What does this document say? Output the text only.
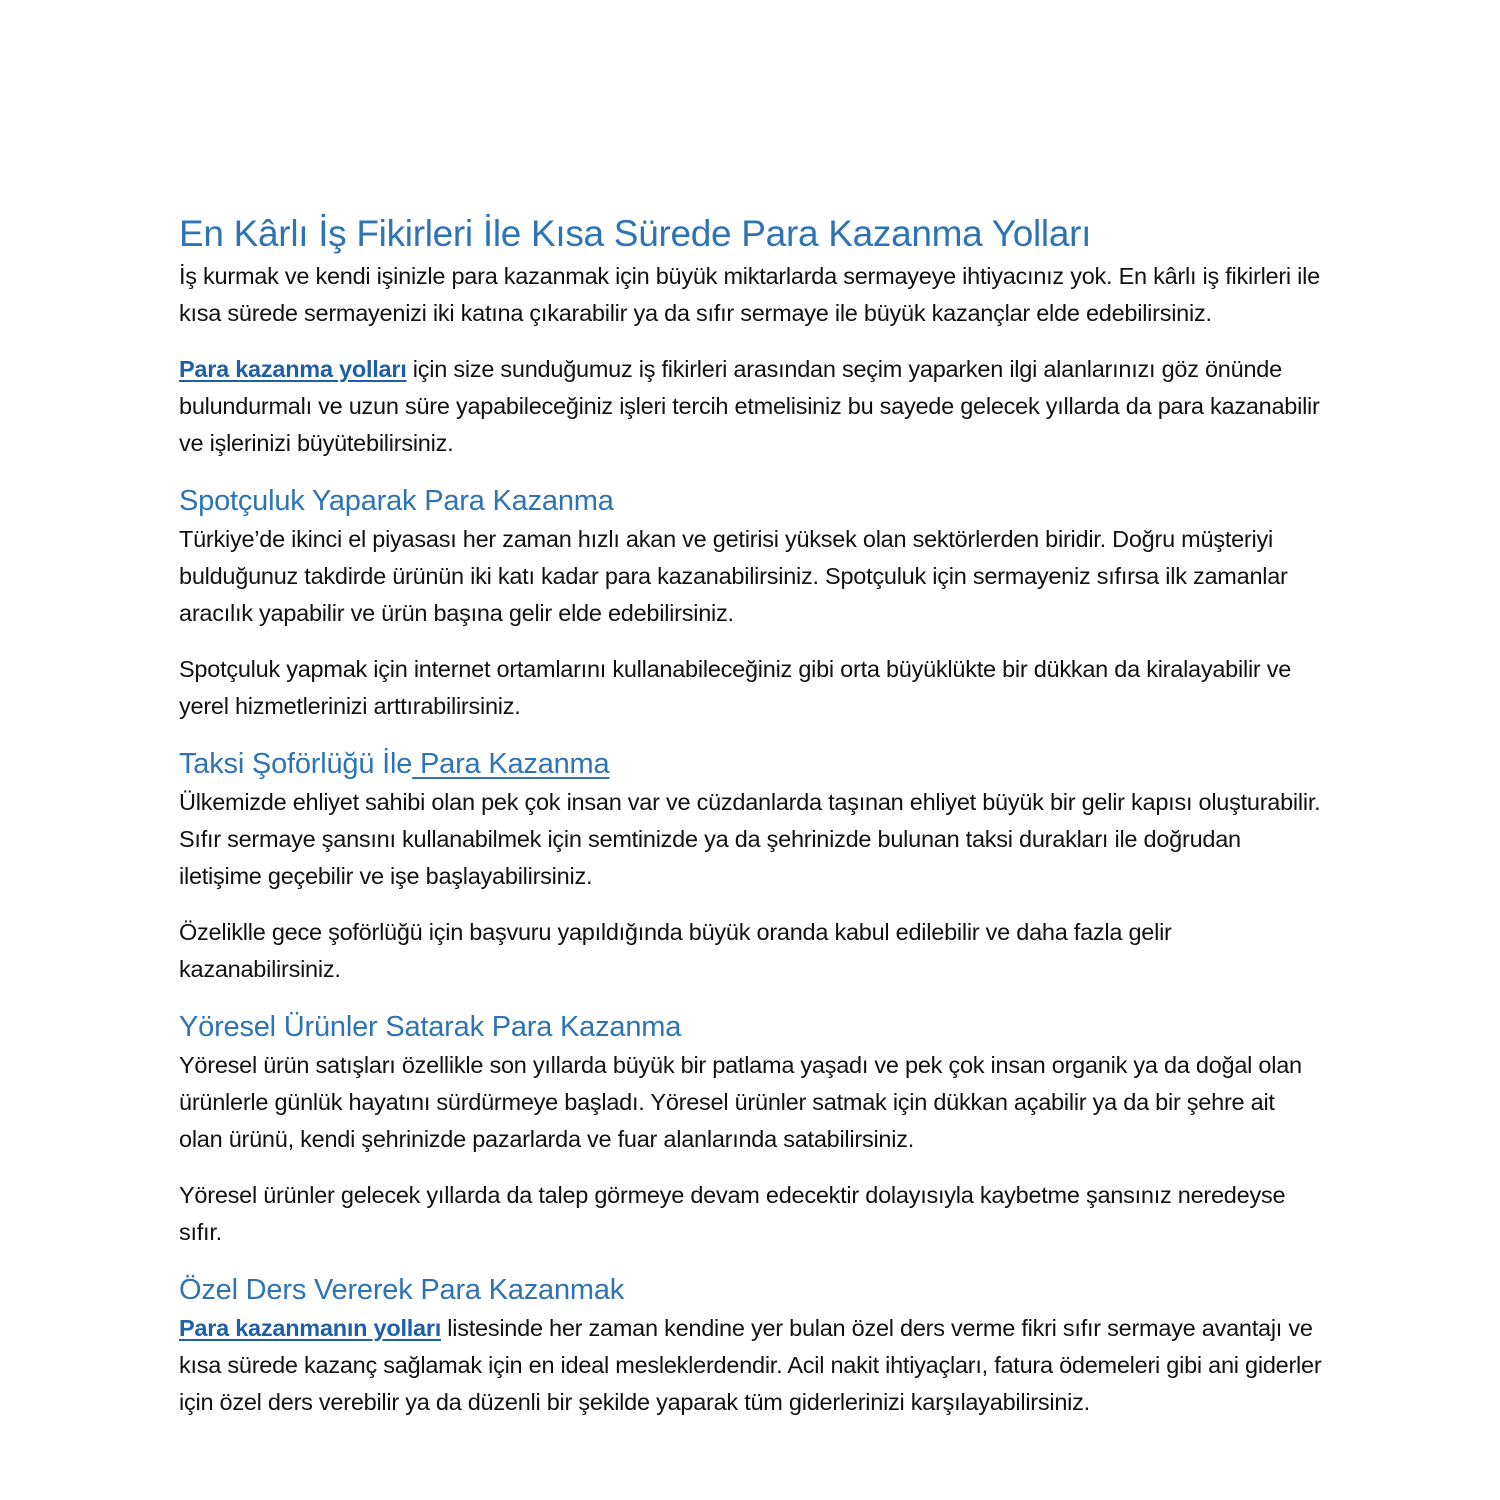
En Kârlı İş Fikirleri İle Kısa Sürede Para Kazanma Yolları

İş kurmak ve kendi işinizle para kazanmak için büyük miktarlarda sermayeye ihtiyacınız yok. En kârlı iş fikirleri ile kısa sürede sermayenizi iki katına çıkarabilir ya da sıfır sermaye ile büyük kazançlar elde edebilirsiniz.

Para kazanma yolları için size sunduğumuz iş fikirleri arasından seçim yaparken ilgi alanlarınızı göz önünde bulundurmalı ve uzun süre yapabileceğiniz işleri tercih etmelisiniz bu sayede gelecek yıllarda da para kazanabilir ve işlerinizi büyütebilirsiniz.

Spotçuluk Yaparak Para Kazanma

Türkiye’de ikinci el piyasası her zaman hızlı akan ve getirisi yüksek olan sektörlerden biridir. Doğru müşteriyi bulduğunuz takdirde ürünün iki katı kadar para kazanabilirsiniz. Spotçuluk için sermayeniz sıfırsa ilk zamanlar aracılık yapabilir ve ürün başına gelir elde edebilirsiniz.

Spotçuluk yapmak için internet ortamlarını kullanabileceğiniz gibi orta büyüklükte bir dükkan da kiralayabilir ve yerel hizmetlerinizi arttırabilirsiniz.

Taksi Şoförlüğü İle Para Kazanma

Ülkemizde ehliyet sahibi olan pek çok insan var ve cüzdanlarda taşınan ehliyet büyük bir gelir kapısı oluşturabilir. Sıfır sermaye şansını kullanabilmek için semtinizde ya da şehrinizde bulunan taksi durakları ile doğrudan iletişime geçebilir ve işe başlayabilirsiniz.

Özeliklle gece şoförlüğü için başvuru yapıldığında büyük oranda kabul edilebilir ve daha fazla gelir kazanabilirsiniz.

Yöresel Ürünler Satarak Para Kazanma

Yöresel ürün satışları özellikle son yıllarda büyük bir patlama yaşadı ve pek çok insan organik ya da doğal olan ürünlerle günlük hayatını sürdürmeye başladı. Yöresel ürünler satmak için dükkan açabilir ya da bir şehre ait olan ürünü, kendi şehrinizde pazarlarda ve fuar alanlarında satabilirsiniz.

Yöresel ürünler gelecek yıllarda da talep görmeye devam edecektir dolayısıyla kaybetme şansınız neredeyse sıfır.

Özel Ders Vererek Para Kazanmak

Para kazanmanın yolları listesinde her zaman kendine yer bulan özel ders verme fikri sıfır sermaye avantajı ve kısa sürede kazanç sağlamak için en ideal mesleklerdendir. Acil nakit ihtiyaçları, fatura ödemeleri gibi ani giderler için özel ders verebilir ya da düzenli bir şekilde yaparak tüm giderlerinizi karşılayabilirsiniz.
